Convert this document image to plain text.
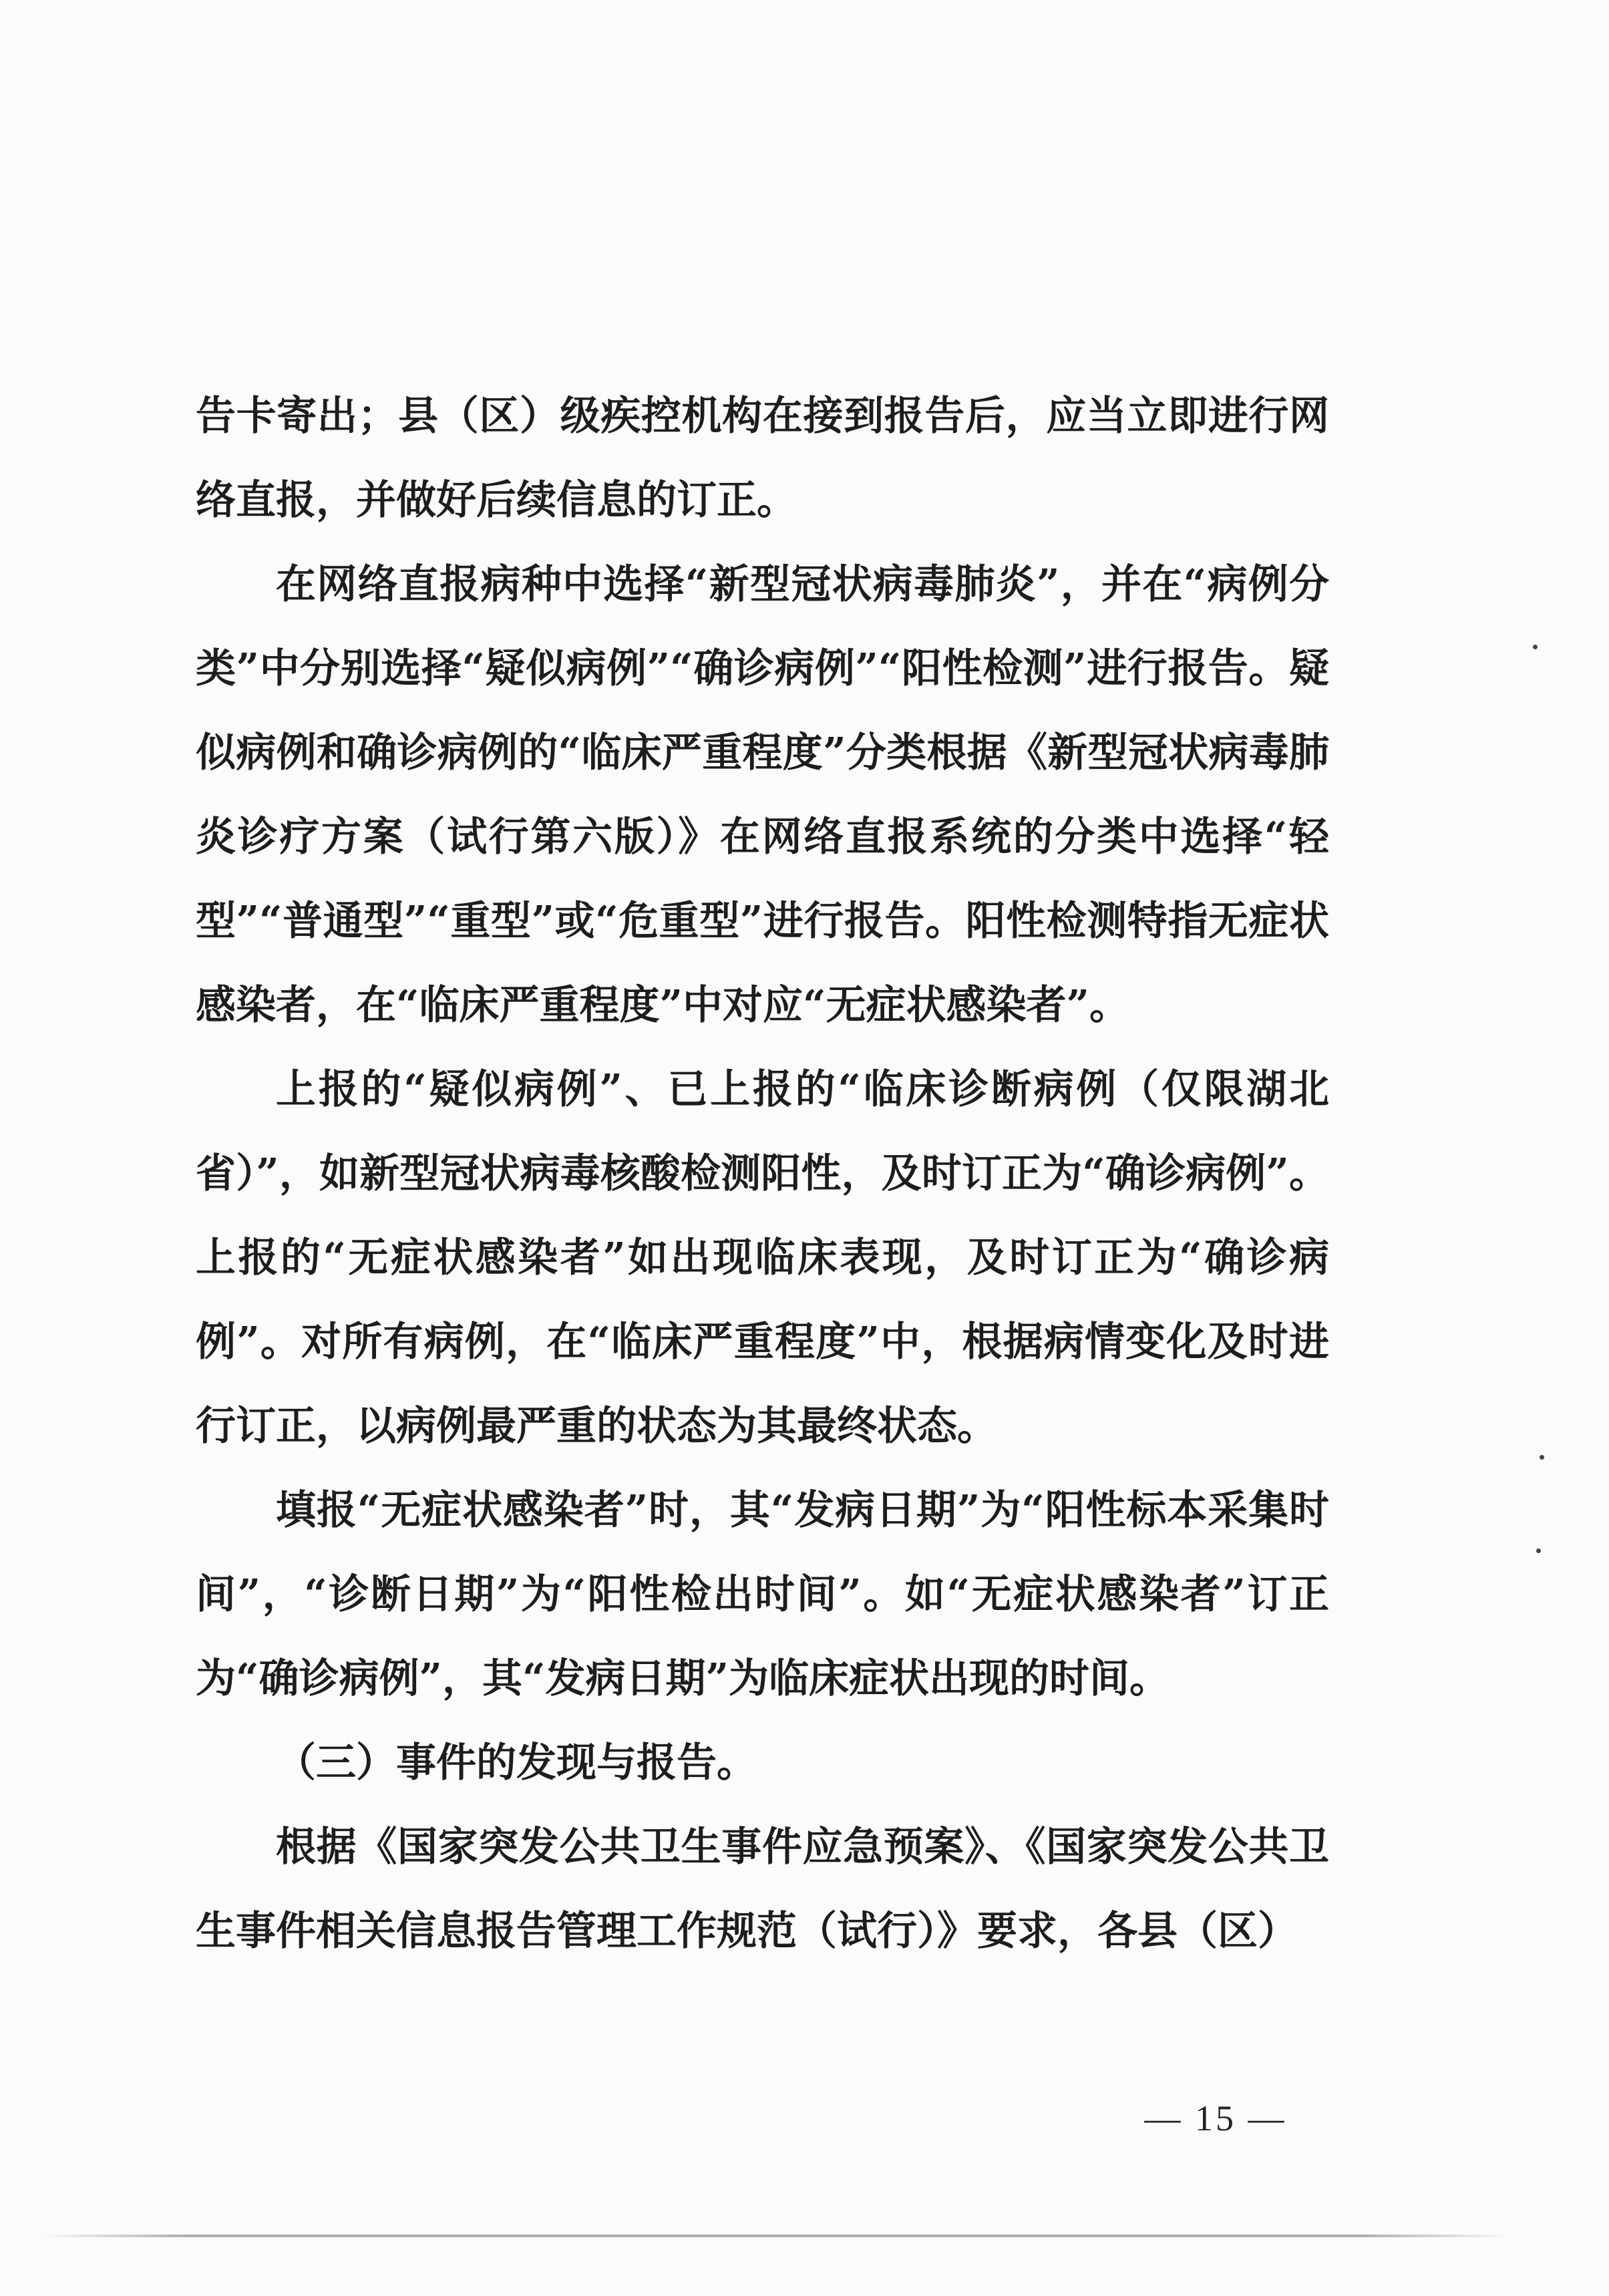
告卡寄出；县（区）级疾控机构在接到报告后，应当立即进行网络直报，并做好后续信息的订正。

在网络直报病种中选择“新型冠状病毒肺炎”，并在“病例分类”中分别选择“疑似病例”“确诊病例”“阳性检测”进行报告。疑似病例和确诊病例的“临床严重程度”分类根据《新型冠状病毒肺炎诊疗方案（试行第六版）》在网络直报系统的分类中选择“轻型”“普通型”“重型”或“危重型”进行报告。阳性检测特指无症状感染者，在“临床严重程度”中对应“无症状感染者”。

上报的“疑似病例”、已上报的“临床诊断病例（仅限湖北省）”，如新型冠状病毒核酸检测阳性，及时订正为“确诊病例”。上报的“无症状感染者”如出现临床表现，及时订正为“确诊病例”。对所有病例，在“临床严重程度”中，根据病情变化及时进行订正，以病例最严重的状态为其最终状态。

填报“无症状感染者”时，其“发病日期”为“阳性标本采集时间”，“诊断日期”为“阳性检出时间”。如“无症状感染者”订正为“确诊病例”，其“发病日期”为临床症状出现的时间。

（三）事件的发现与报告。

根据《国家突发公共卫生事件应急预案》、《国家突发公共卫生事件相关信息报告管理工作规范（试行）》要求，各县（区）

— 15 —
